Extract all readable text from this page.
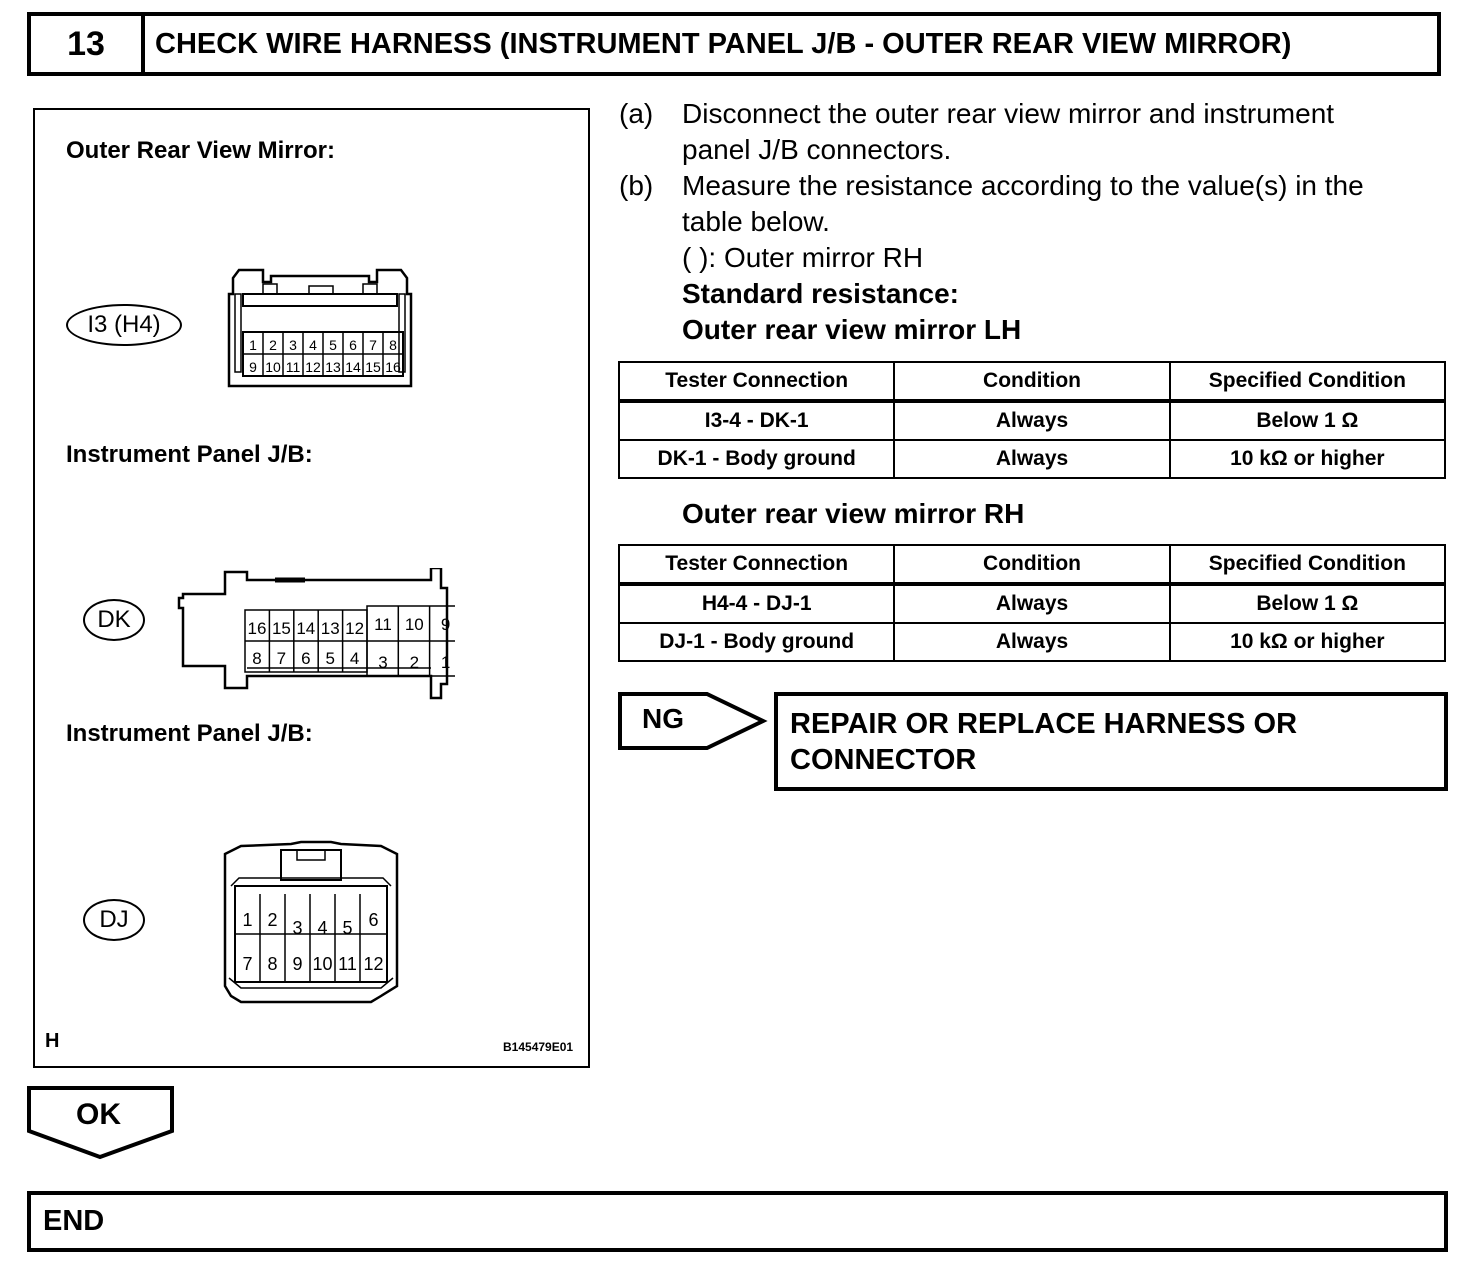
13	CHECK WIRE HARNESS (INSTRUMENT PANEL J/B - OUTER REAR VIEW MIRROR)
Outer Rear View Mirror:
I3 (H4)
1 2 3 4 5 6 7 8
9 10 11 12 13 14 15 16
Instrument Panel J/B:
DK	16 15 14 13 12 11 10 9
8 7 6 5 4 3 2 1
Instrument Panel J/B:
DJ	1 2 3 4 5 6
7 8 9 10 11 12
H	B145479E01
(a) Disconnect the outer rear view mirror and instrument
panel J/B connectors.
(b) Measure the resistance according to the value(s) in the
table below.
( ): Outer mirror RH
Standard resistance:
Outer rear view mirror LH
Tester Connection	Condition	Specified Condition
I3-4 - DK-1	Always	Below 1 Ω
DK-1 - Body ground	Always	10 kΩ or higher
Outer rear view mirror RH
Tester Connection	Condition	Specified Condition
H4-4 - DJ-1	Always	Below 1 Ω
DJ-1 - Body ground	Always	10 kΩ or higher
NG	REPAIR OR REPLACE HARNESS OR
CONNECTOR
OK
END
